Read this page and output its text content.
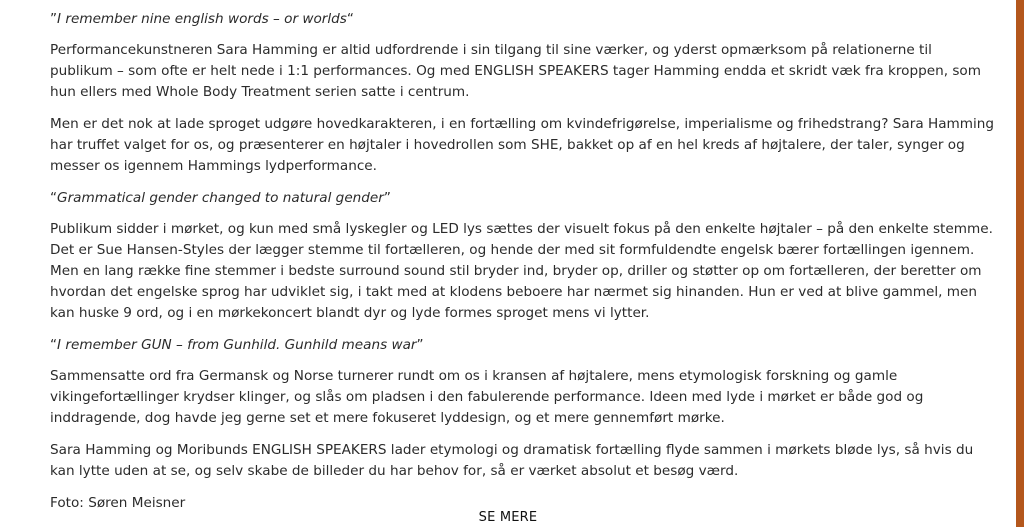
”I remember nine english words – or worlds“

Performancekunstneren Sara Hamming er altid udfordrende i sin tilgang til sine værker, og yderst opmærksom på relationerne til publikum – som ofte er helt nede i 1:1 performances. Og med ENGLISH SPEAKERS tager Hamming endda et skridt væk fra kroppen, som hun ellers med Whole Body Treatment serien satte i centrum.

Men er det nok at lade sproget udgøre hovedkarakteren, i en fortælling om kvindefrigørelse, imperialisme og frihedstrang? Sara Hamming har truffet valget for os, og præsenterer en højtaler i hovedrollen som SHE, bakket op af en hel kreds af højtalere, der taler, synger og messer os igennem Hammings lydperformance.

“Grammatical gender changed to natural gender”

Publikum sidder i mørket, og kun med små lyskegler og LED lys sættes der visuelt fokus på den enkelte højtaler – på den enkelte stemme. Det er Sue Hansen-Styles der lægger stemme til fortælleren, og hende der med sit formfuldendte engelsk bærer fortællingen igennem. Men en lang række fine stemmer i bedste surround sound stil bryder ind, bryder op, driller og støtter op om fortælleren, der beretter om hvordan det engelske sprog har udviklet sig, i takt med at klodens beboere har nærmet sig hinanden. Hun er ved at blive gammel, men kan huske 9 ord, og i en mørkekoncert blandt dyr og lyde formes sproget mens vi lytter.

“I remember GUN – from Gunhild. Gunhild means war”

Sammensatte ord fra Germansk og Norse turnerer rundt om os i kransen af højtalere, mens etymologisk forskning og gamle vikingefortællinger krydser klinger, og slås om pladsen i den fabulerende performance. Ideen med lyde i mørket er både god og inddragende, dog havde jeg gerne set et mere fokuseret lyddesign, og et mere gennemført mørke.

Sara Hamming og Moribunds ENGLISH SPEAKERS lader etymologi og dramatisk fortælling flyde sammen i mørkets bløde lys, så hvis du kan lytte uden at se, og selv skabe de billeder du har behov for, så er værket absolut et besøg værd.

Foto: Søren Meisner

SE MERE
